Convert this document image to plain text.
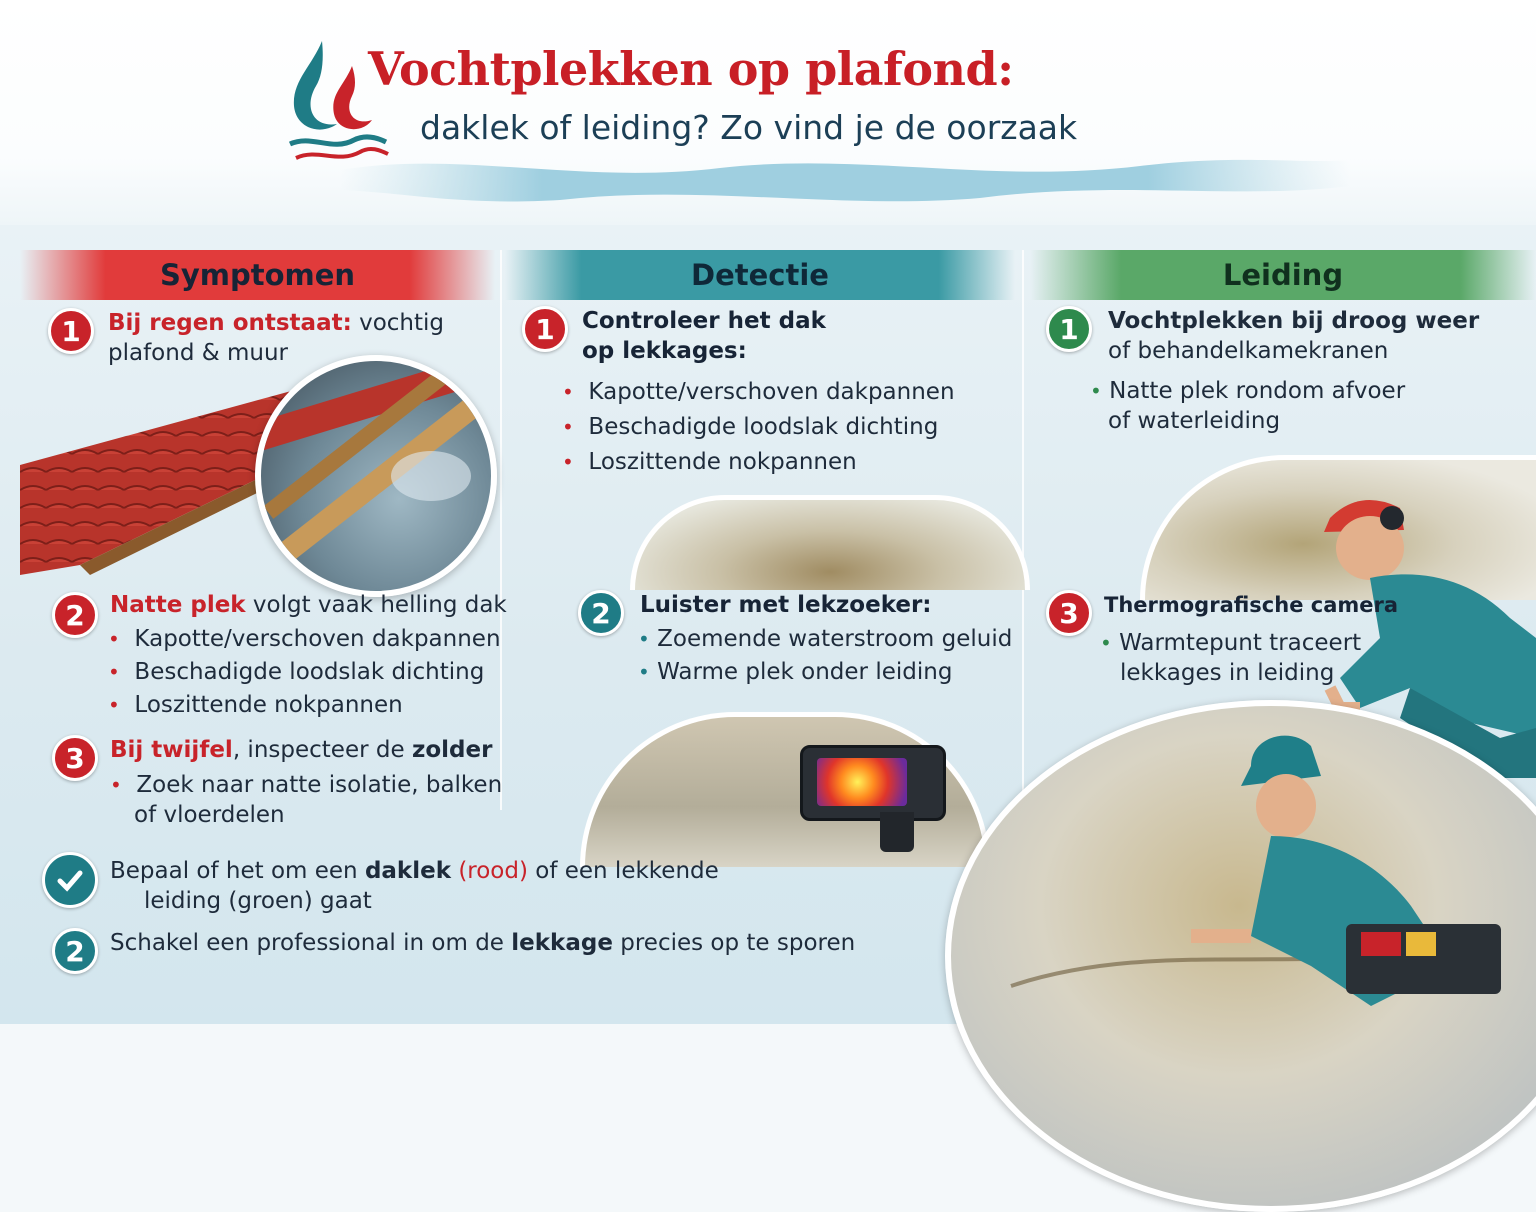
Vochtplekken op plafond:
daklek of leiding? Zo vind je de oorzaak
Symptomen	Detectie	Leiding
1	Bij regen ontstaat: vochtig
plafond & muur
2	Natte plek volgt vaak helling dak
• Kapotte/verschoven dakpannen
• Beschadigde loodslak dichting
• Loszittende nokpannen
3	Bij twijfel, inspecteer de zolder
• Zoek naar natte isolatie, balken
of vloerdelen
1	Controleer het dak
op lekkages:
• Kapotte/verschoven dakpannen
• Beschadigde loodslak dichting
• Loszittende nokpannen
2	Luister met lekzoeker:
• Zoemende waterstroom geluid
• Warme plek onder leiding
1	Vochtplekken bij droog weer
of behandelkamekranen
• Natte plek rondom afvoer
of waterleiding
3	Thermografische camera
• Warmtepunt traceert
lekkages in leiding
Bepaal of het om een daklek (rood) of een lekkende
leiding (groen) gaat
2	Schakel een professional in om de lekkage precies op te sporen
